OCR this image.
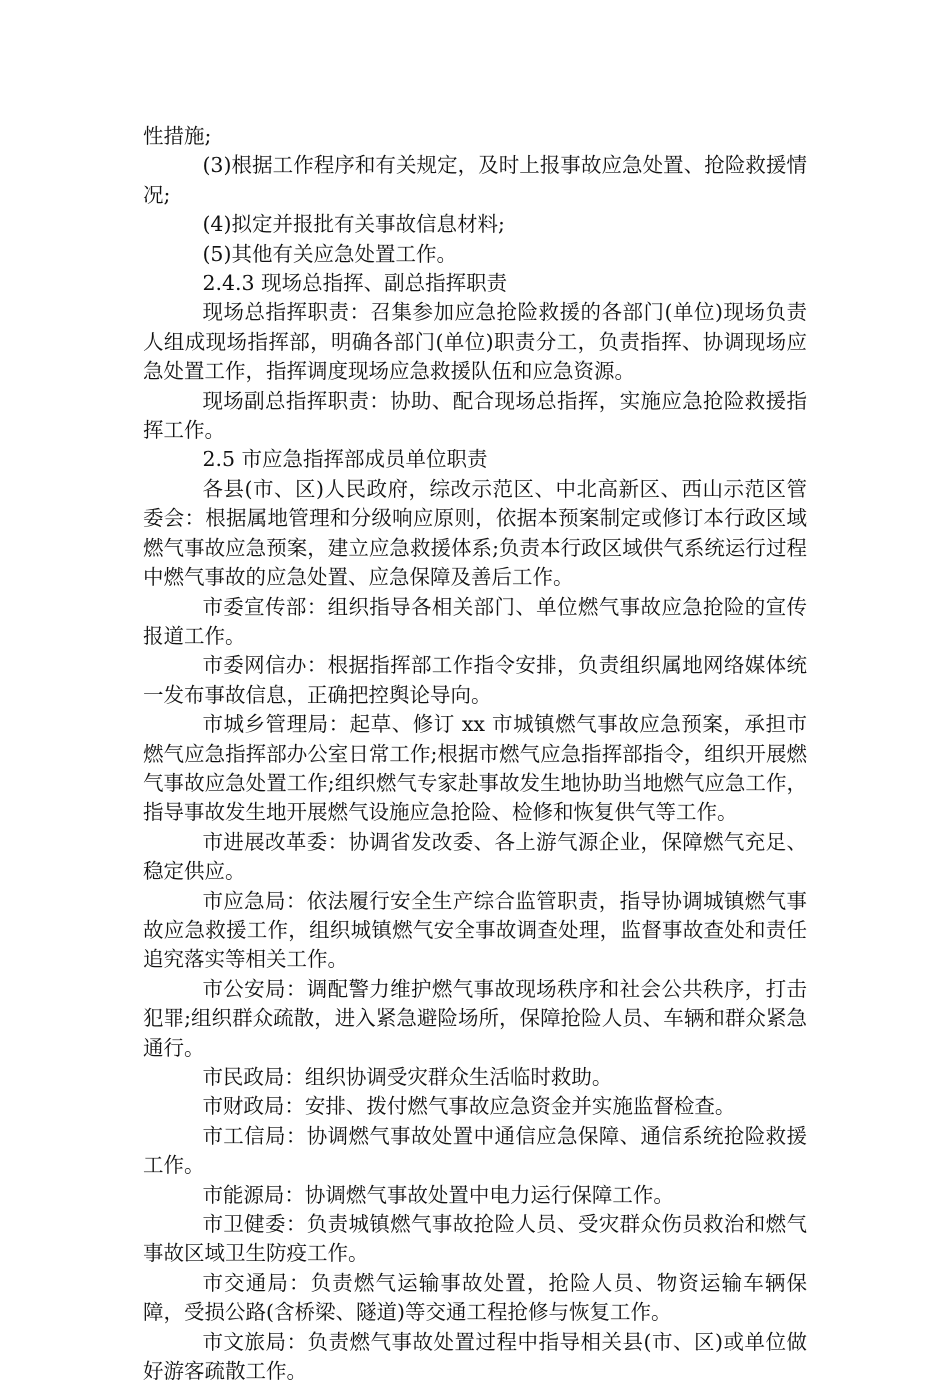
性措施;

(3)根据工作程序和有关规定，及时上报事故应急处置、抢险救援情况;

(4)拟定并报批有关事故信息材料;

(5)其他有关应急处置工作。

2.4.3 现场总指挥、副总指挥职责

现场总指挥职责：召集参加应急抢险救援的各部门(单位)现场负责人组成现场指挥部，明确各部门(单位)职责分工，负责指挥、协调现场应急处置工作，指挥调度现场应急救援队伍和应急资源。

现场副总指挥职责：协助、配合现场总指挥，实施应急抢险救援指挥工作。

2.5 市应急指挥部成员单位职责

各县(市、区)人民政府，综改示范区、中北高新区、西山示范区管委会：根据属地管理和分级响应原则，依据本预案制定或修订本行政区域燃气事故应急预案，建立应急救援体系;负责本行政区域供气系统运行过程中燃气事故的应急处置、应急保障及善后工作。

市委宣传部：组织指导各相关部门、单位燃气事故应急抢险的宣传报道工作。

市委网信办：根据指挥部工作指令安排，负责组织属地网络媒体统一发布事故信息，正确把控舆论导向。

市城乡管理局：起草、修订 xx 市城镇燃气事故应急预案，承担市燃气应急指挥部办公室日常工作;根据市燃气应急指挥部指令，组织开展燃气事故应急处置工作;组织燃气专家赴事故发生地协助当地燃气应急工作，指导事故发生地开展燃气设施应急抢险、检修和恢复供气等工作。

市进展改革委：协调省发改委、各上游气源企业，保障燃气充足、稳定供应。

市应急局：依法履行安全生产综合监管职责，指导协调城镇燃气事故应急救援工作，组织城镇燃气安全事故调查处理，监督事故查处和责任追究落实等相关工作。

市公安局：调配警力维护燃气事故现场秩序和社会公共秩序，打击犯罪;组织群众疏散，进入紧急避险场所，保障抢险人员、车辆和群众紧急通行。

市民政局：组织协调受灾群众生活临时救助。

市财政局：安排、拨付燃气事故应急资金并实施监督检查。

市工信局：协调燃气事故处置中通信应急保障、通信系统抢险救援工作。

市能源局：协调燃气事故处置中电力运行保障工作。

市卫健委：负责城镇燃气事故抢险人员、受灾群众伤员救治和燃气事故区域卫生防疫工作。

市交通局：负责燃气运输事故处置，抢险人员、物资运输车辆保障，受损公路(含桥梁、隧道)等交通工程抢修与恢复工作。

市文旅局：负责燃气事故处置过程中指导相关县(市、区)或单位做好游客疏散工作。
